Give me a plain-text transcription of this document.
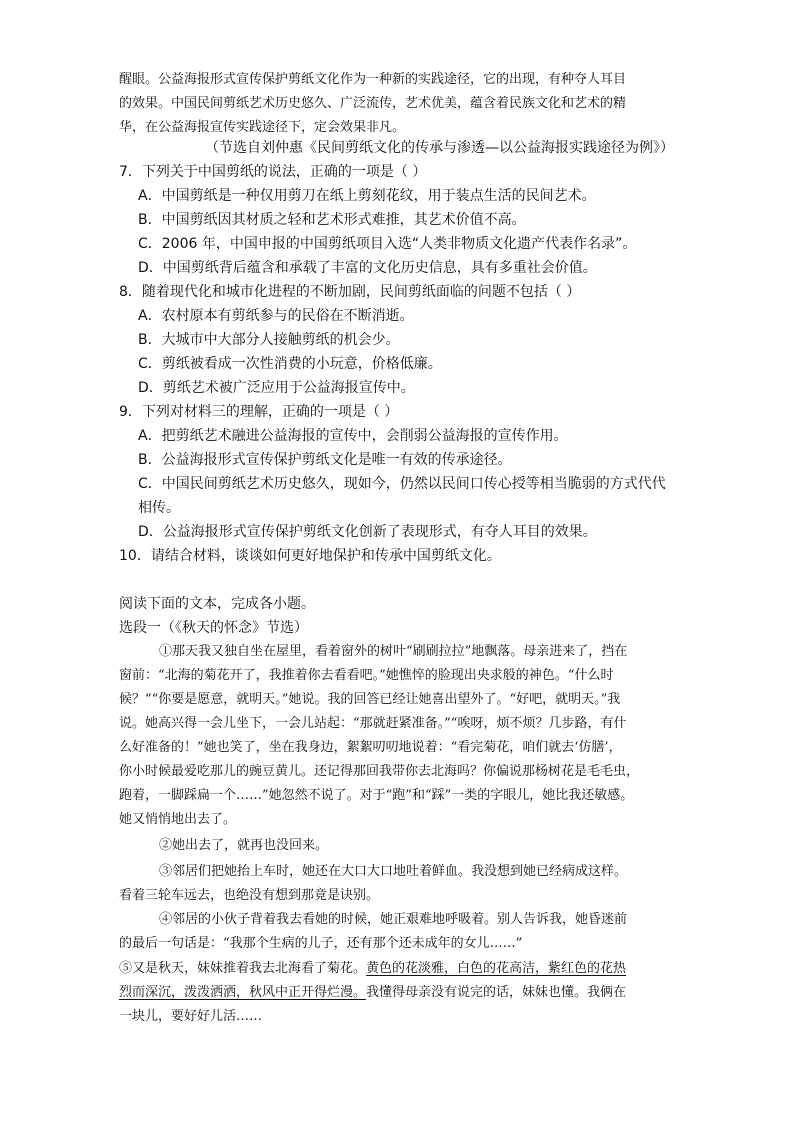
醒眼。公益海报形式宣传保护剪纸文化作为一种新的实践途径，它的出现，有种夺人耳目
的效果。中国民间剪纸艺术历史悠久、广泛流传，艺术优美，蕴含着民族文化和艺术的精
华，在公益海报宣传实践途径下，定会效果非凡。
（节选自刘仲惠《民间剪纸文化的传承与渗透—以公益海报实践途径为例》）
7．下列关于中国剪纸的说法，正确的一项是（ ）
A．中国剪纸是一种仅用剪刀在纸上剪刻花纹，用于装点生活的民间艺术。
B．中国剪纸因其材质之轻和艺术形式难推，其艺术价值不高。
C．2006 年，中国申报的中国剪纸项目入选“人类非物质文化遗产代表作名录”。
D．中国剪纸背后蕴含和承载了丰富的文化历史信息，具有多重社会价值。
8．随着现代化和城市化进程的不断加剧，民间剪纸面临的问题不包括（ ）
A．农村原本有剪纸参与的民俗在不断消逝。
B．大城市中大部分人接触剪纸的机会少。
C．剪纸被看成一次性消费的小玩意，价格低廉。
D．剪纸艺术被广泛应用于公益海报宣传中。
9．下列对材料三的理解，正确的一项是（ ）
A．把剪纸艺术融进公益海报的宣传中，会削弱公益海报的宣传作用。
B．公益海报形式宣传保护剪纸文化是唯一有效的传承途径。
C．中国民间剪纸艺术历史悠久，现如今，仍然以民间口传心授等相当脆弱的方式代代
相传。
D．公益海报形式宣传保护剪纸文化创新了表现形式，有夺人耳目的效果。
10．请结合材料，谈谈如何更好地保护和传承中国剪纸文化。
阅读下面的文本，完成各小题。
选段一（《秋天的怀念》节选）
①那天我又独自坐在屋里，看着窗外的树叶“刷刷拉拉”地飘落。母亲进来了，挡在
窗前：“北海的菊花开了，我推着你去看看吧。”她憔悴的脸现出央求般的神色。“什么时
候？”“你要是愿意，就明天。”她说。我的回答已经让她喜出望外了。“好吧，就明天。”我
说。她高兴得一会儿坐下，一会儿站起：“那就赶紧准备。”“唉呀，烦不烦？几步路，有什
么好准备的！”她也笑了，坐在我身边，絮絮叨叨地说着：“看完菊花，咱们就去‘仿膳’，
你小时候最爱吃那儿的豌豆黄儿。还记得那回我带你去北海吗？你偏说那杨树花是毛毛虫，
跑着，一脚踩扁一个……”她忽然不说了。对于“跑”和“踩”一类的字眼儿，她比我还敏感。
她又悄悄地出去了。
②她出去了，就再也没回来。
③邻居们把她抬上车时，她还在大口大口地吐着鲜血。我没想到她已经病成这样。
看着三轮车远去，也绝没有想到那竟是诀别。
④邻居的小伙子背着我去看她的时候，她正艰难地呼吸着。别人告诉我，她昏迷前
的最后一句话是：“我那个生病的儿子，还有那个还未成年的女儿……”
⑤又是秋天，妹妹推着我去北海看了菊花。黄色的花淡雅，白色的花高洁，紫红色的花热
烈而深沉，泼泼洒洒，秋风中正开得烂漫。我懂得母亲没有说完的话，妹妹也懂。我俩在
一块儿，要好好儿活……
